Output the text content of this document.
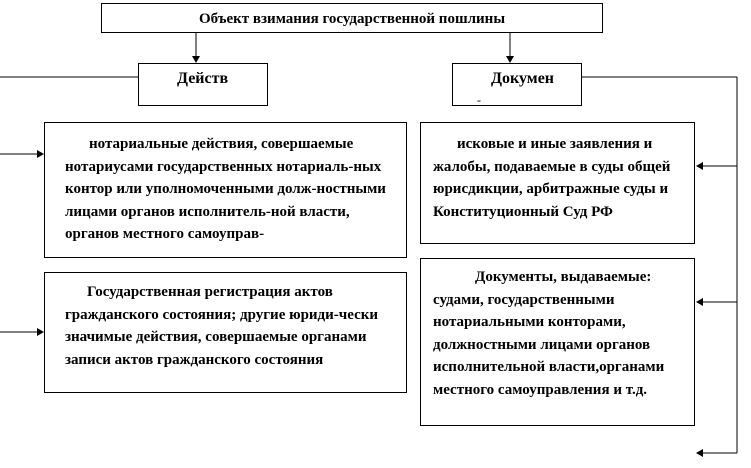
Объект взимания государственной пошлины
Действ
__
Докумен
__-

нотариальные действия, совершаемые нотариусами государственных нотариаль-ных контор или уполномоченными долж-ностными лицами органов исполнитель-ной власти, органов местного самоуправ-

Государственная регистрация актов гражданского состояния; другие юриди-чески значимые действия, совершаемые органами записи актов гражданского состояния

исковые и иные заявления и жалобы, подаваемые в суды общей юрисдикции, арбитражные суды и Конституционный Суд РФ

Документы, выдаваемые: судами, государственными нотариальными конторами, должностными лицами органов исполнительной власти,органами местного самоуправления и т.д.
